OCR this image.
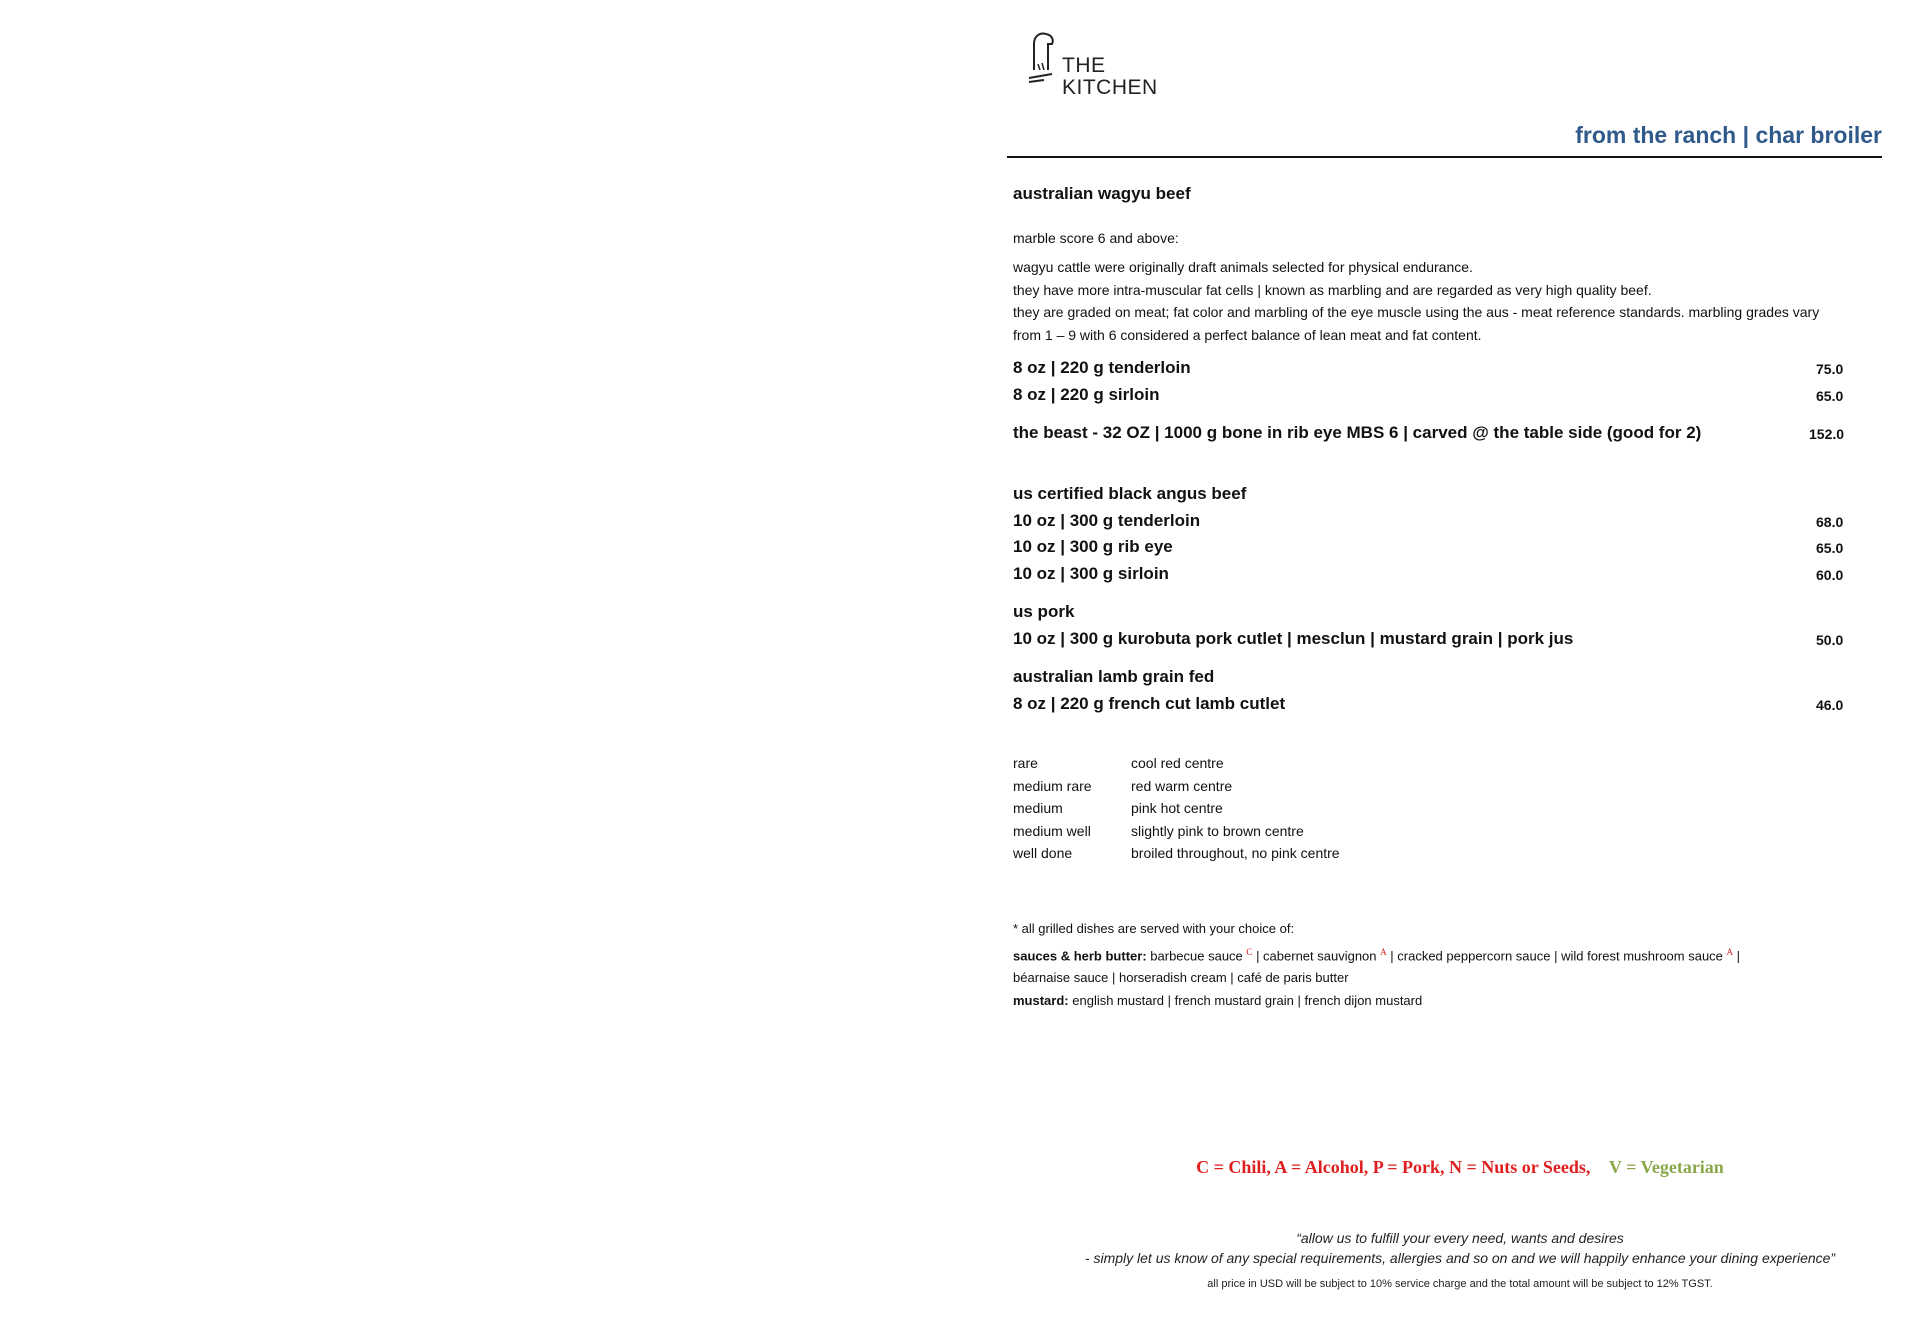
THE
KITCHEN
from the ranch | char broiler
australian wagyu beef
marble score 6 and above:
wagyu cattle were originally draft animals selected for physical endurance.
they have more intra-muscular fat cells | known as marbling and are regarded as very high quality beef.
they are graded on meat; fat color and marbling of the eye muscle using the aus - meat reference standards. marbling grades vary
from 1 – 9 with 6 considered a perfect balance of lean meat and fat content.
8 oz | 220 g tenderloin	75.0
8 oz | 220 g sirloin	65.0
the beast - 32 OZ | 1000 g bone in rib eye MBS 6 | carved @ the table side (good for 2)	152.0
us certified black angus beef
10 oz | 300 g tenderloin	68.0
10 oz | 300 g rib eye	65.0
10 oz | 300 g sirloin	60.0
us pork
10 oz | 300 g kurobuta pork cutlet | mesclun | mustard grain | pork jus	50.0
australian lamb grain fed
8 oz | 220 g french cut lamb cutlet	46.0
rare	cool red centre
medium rare	red warm centre
medium	pink hot centre
medium well	slightly pink to brown centre
well done	broiled throughout, no pink centre
* all grilled dishes are served with your choice of:
sauces & herb butter: barbecue sauce $^C$ | cabernet sauvignon $^A$ | cracked peppercorn sauce | wild forest mushroom sauce $^A$ |
béarnaise sauce | horseradish cream | café de paris butter
mustard: english mustard | french mustard grain | french dijon mustard
C = Chili, A = Alcohol, P = Pork, N = Nuts or Seeds, V = Vegetarian
“allow us to fulfill your every need, wants and desires
- simply let us know of any special requirements, allergies and so on and we will happily enhance your dining experience”
all price in USD will be subject to 10% service charge and the total amount will be subject to 12% TGST.
